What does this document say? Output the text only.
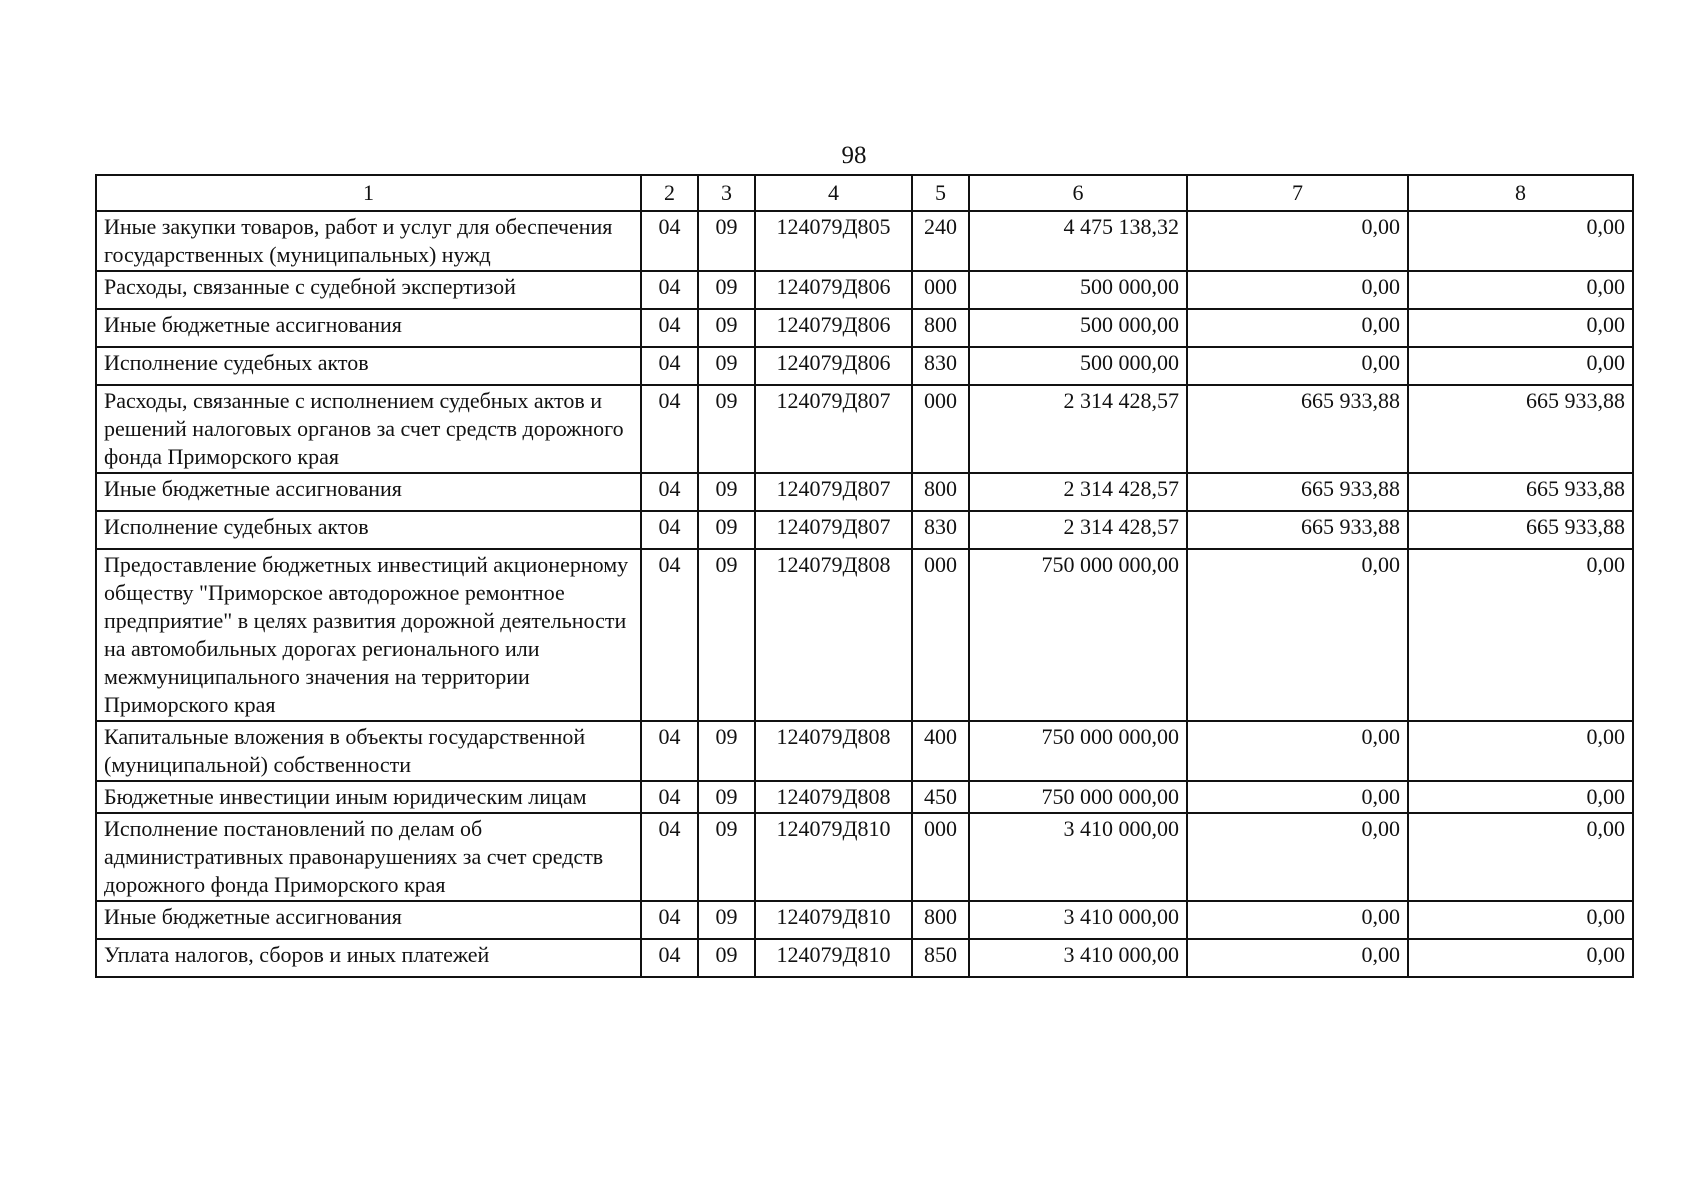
98
1	2	3	4	5	6	7	8
Иные закупки товаров, работ и услуг для обеспечения государственных (муниципальных) нужд	04	09	124079Д805	240	4 475 138,32	0,00	0,00
Расходы, связанные с судебной экспертизой	04	09	124079Д806	000	500 000,00	0,00	0,00
Иные бюджетные ассигнования	04	09	124079Д806	800	500 000,00	0,00	0,00
Исполнение судебных актов	04	09	124079Д806	830	500 000,00	0,00	0,00
Расходы, связанные с исполнением судебных актов и решений налоговых органов за счет средств дорожного фонда Приморского края	04	09	124079Д807	000	2 314 428,57	665 933,88	665 933,88
Иные бюджетные ассигнования	04	09	124079Д807	800	2 314 428,57	665 933,88	665 933,88
Исполнение судебных актов	04	09	124079Д807	830	2 314 428,57	665 933,88	665 933,88
Предоставление бюджетных инвестиций акционерному обществу "Приморское автодорожное ремонтное предприятие" в целях развития дорожной деятельности на автомобильных дорогах регионального или межмуниципального значения на территории Приморского края	04	09	124079Д808	000	750 000 000,00	0,00	0,00
Капитальные вложения в объекты государственной (муниципальной) собственности	04	09	124079Д808	400	750 000 000,00	0,00	0,00
Бюджетные инвестиции иным юридическим лицам	04	09	124079Д808	450	750 000 000,00	0,00	0,00
Исполнение постановлений по делам об административных правонарушениях за счет средств дорожного фонда Приморского края	04	09	124079Д810	000	3 410 000,00	0,00	0,00
Иные бюджетные ассигнования	04	09	124079Д810	800	3 410 000,00	0,00	0,00
Уплата налогов, сборов и иных платежей	04	09	124079Д810	850	3 410 000,00	0,00	0,00
